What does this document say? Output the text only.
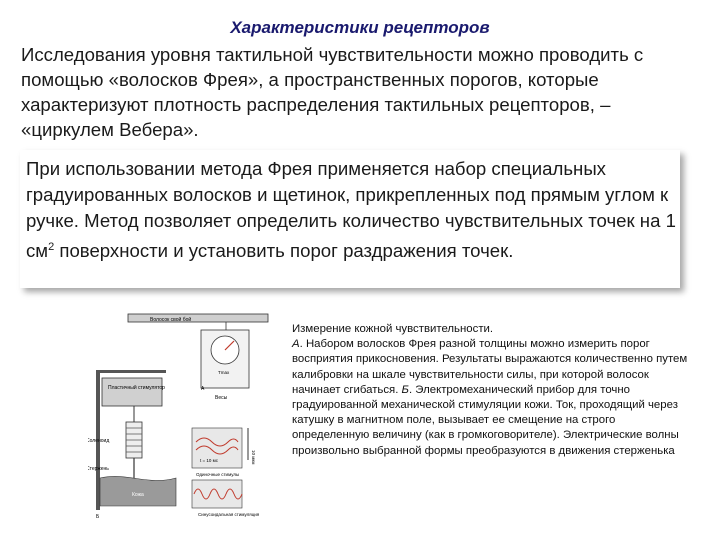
Характеристики рецепторов
Исследования уровня тактильной чувствительности можно проводить с помощью «волосков Фрея», а пространственных порогов, которые характеризуют плотность распределения тактильных рецепторов, – «циркулем Вебера».
При использовании метода Фрея применяется набор специальных градуированных волосков и щетинок, прикрепленных под прямым углом к ручке. Метод позволяет определить количество чувствительных точек на 1 $см^2$ поверхности и установить порог раздражения точек.
Волосок свой бой
Tmax
Весы
А
Пластичный стимулятор
Соленоид
Стержень
Кожа
Б
t = 10 мс
Одиночные стимулы
10 мкм
Синусоидальная стимуляция
Измерение кожной чувствительности.
А. Набором волосков Фрея разной толщины можно измерить порог восприятия прикосновения. Результаты выражаются количественно путем калибровки на шкале чувствительности силы, при которой волосок начинает сгибаться. Б. Электромеханический прибор для точно градуированной механической стимуляции кожи. Ток, проходящий через катушку в магнитном поле, вызывает ее смещение на строго определенную величину (как в громкоговорителе). Электрические волны произвольно выбранной формы преобразуются в движения стерженька
